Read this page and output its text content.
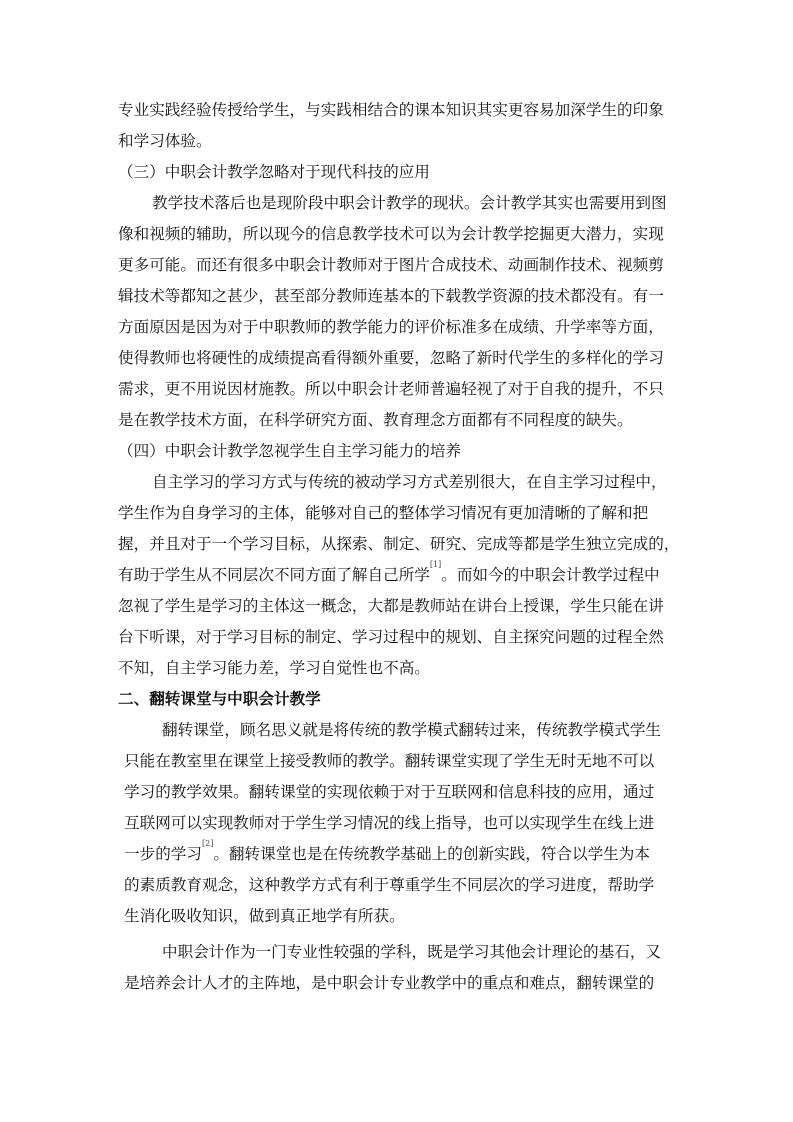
专业实践经验传授给学生，与实践相结合的课本知识其实更容易加深学生的印象
和学习体验。
（三）中职会计教学忽略对于现代科技的应用
教学技术落后也是现阶段中职会计教学的现状。会计教学其实也需要用到图
像和视频的辅助，所以现今的信息教学技术可以为会计教学挖掘更大潜力，实现
更多可能。而还有很多中职会计教师对于图片合成技术、动画制作技术、视频剪
辑技术等都知之甚少，甚至部分教师连基本的下载教学资源的技术都没有。有一
方面原因是因为对于中职教师的教学能力的评价标准多在成绩、升学率等方面，
使得教师也将硬性的成绩提高看得额外重要，忽略了新时代学生的多样化的学习
需求，更不用说因材施教。所以中职会计老师普遍轻视了对于自我的提升，不只
是在教学技术方面，在科学研究方面、教育理念方面都有不同程度的缺失。
（四）中职会计教学忽视学生自主学习能力的培养
自主学习的学习方式与传统的被动学习方式差别很大，在自主学习过程中，
学生作为自身学习的主体，能够对自己的整体学习情况有更加清晰的了解和把
握，并且对于一个学习目标，从探索、制定、研究、完成等都是学生独立完成的，
有助于学生从不同层次不同方面了解自己所学
[1]
。而如今的中职会计教学过程中
忽视了学生是学习的主体这一概念，大都是教师站在讲台上授课，学生只能在讲
台下听课，对于学习目标的制定、学习过程中的规划、自主探究问题的过程全然
不知，自主学习能力差，学习自觉性也不高。
二、翻转课堂与中职会计教学
翻转课堂，顾名思义就是将传统的教学模式翻转过来，传统教学模式学生
只能在教室里在课堂上接受教师的教学。翻转课堂实现了学生无时无地不可以
学习的教学效果。翻转课堂的实现依赖于对于互联网和信息科技的应用，通过
互联网可以实现教师对于学生学习情况的线上指导，也可以实现学生在线上进
一步的学习
[2]
。翻转课堂也是在传统教学基础上的创新实践，符合以学生为本
的素质教育观念，这种教学方式有利于尊重学生不同层次的学习进度，帮助学
生消化吸收知识，做到真正地学有所获。
中职会计作为一门专业性较强的学科，既是学习其他会计理论的基石，又
是培养会计人才的主阵地，是中职会计专业教学中的重点和难点，翻转课堂的
